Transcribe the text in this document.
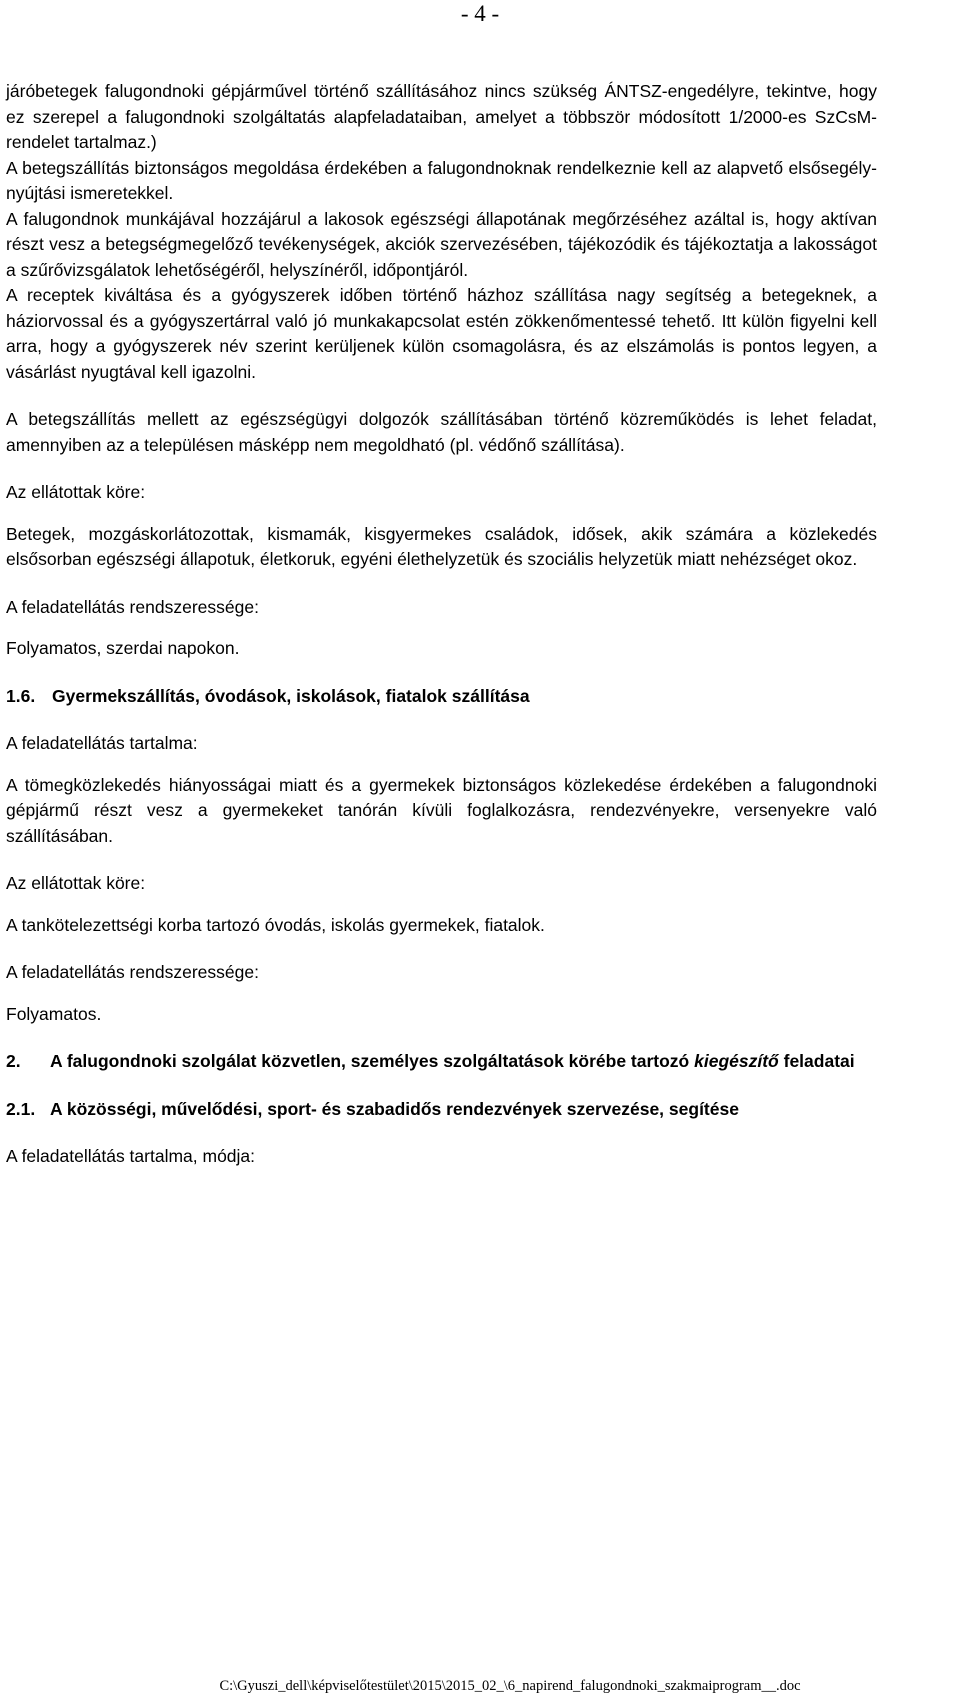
- 4 -

járóbetegek falugondnoki gépjárművel történő szállításához nincs szükség ÁNTSZ-engedélyre, tekintve, hogy ez szerepel a falugondnoki szolgáltatás alapfeladataiban, amelyet a többször módosított 1/2000-es SzCsM-rendelet tartalmaz.)

A betegszállítás biztonságos megoldása érdekében a falugondnoknak rendelkeznie kell az alapvető elsősegély-nyújtási ismeretekkel.

A falugondnok munkájával hozzájárul a lakosok egészségi állapotának megőrzéséhez azáltal is, hogy aktívan részt vesz a betegségmegelőző tevékenységek, akciók szervezésében, tájékozódik és tájékoztatja a lakosságot a szűrővizsgálatok lehetőségéről, helyszínéről, időpontjáról.

A receptek kiváltása és a gyógyszerek időben történő házhoz szállítása nagy segítség a betegeknek, a háziorvossal és a gyógyszertárral való jó munkakapcsolat estén zökkenőmentessé tehető. Itt külön figyelni kell arra, hogy a gyógyszerek név szerint kerüljenek külön csomagolásra, és az elszámolás is pontos legyen, a vásárlást nyugtával kell igazolni.

A betegszállítás mellett az egészségügyi dolgozók szállításában történő közreműködés is lehet feladat, amennyiben az a településen másképp nem megoldható (pl. védőnő szállítása).

Az ellátottak köre:

Betegek, mozgáskorlátozottak, kismamák, kisgyermekes családok, idősek, akik számára a közlekedés elsősorban egészségi állapotuk, életkoruk, egyéni élethelyzetük és szociális helyzetük miatt nehézséget okoz.

A feladatellátás rendszeressége:

Folyamatos, szerdai napokon.

1.6. Gyermekszállítás, óvodások, iskolások, fiatalok szállítása

A feladatellátás tartalma:

A tömegközlekedés hiányosságai miatt és a gyermekek biztonságos közlekedése érdekében a falugondnoki gépjármű részt vesz a gyermekeket tanórán kívüli foglalkozásra, rendezvényekre, versenyekre való szállításában.

Az ellátottak köre:

A tankötelezettségi korba tartozó óvodás, iskolás gyermekek, fiatalok.

A feladatellátás rendszeressége:

Folyamatos.

2.	A falugondnoki szolgálat közvetlen, személyes szolgáltatások körébe tartozó kiegészítő feladatai
2.1. A közösségi, művelődési, sport- és szabadidős rendezvények szervezése, segítése

A feladatellátás tartalma, módja:

C:\Gyuszi_dell\képviselőtestület\2015\2015_02_\6_napirend_falugondnoki_szakmaiprogram__.doc
